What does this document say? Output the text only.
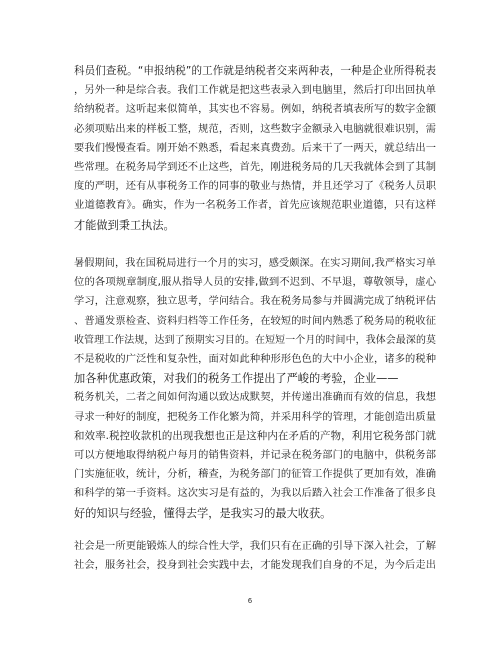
科员们查税。“申报纳税”的工作就是纳税者交来两种表，一种是企业所得税表
，另外一种是综合表。我们工作就是把这些表录入到电脑里，然后打印出回执单
给纳税者。这听起来似简单，其实也不容易。例如，纳税者填表所写的数字金额
必须项贴出来的样板工整，规范，否则，这些数字金额录入电脑就很难识别，需
要我们慢慢查看。刚开始不熟悉，看起来真费劲。后来干了一两天，就总结出一
些常理。在税务局学到还不止这些，首先，刚进税务局的几天我就体会到了其制
度的严明，还有从事税务工作的同事的敬业与热情，并且还学习了《税务人员职
业道德教育》。确实，作为一名税务工作者，首先应该规范职业道德，只有这样
才能做到秉工执法。
暑假期间，我在国税局进行一个月的实习，感受颇深。在实习期间,我严格实习单
位的各项规章制度,服从指导人员的安排,做到不迟到、不早退，尊敬领导，虚心
学习，注意观察，独立思考，学问结合。我在税务局参与并圆满完成了纳税评估
、普通发票检查、资料归档等工作任务，在较短的时间内熟悉了税务局的税收征
收管理工作法规，达到了预期实习目的。在短短一个月的时间中，我体会最深的莫
不是税收的广泛性和复杂性，面对如此种种形形色色的大中小企业，诸多的税种
加各种优惠政策，对我们的税务工作提出了严峻的考验，企业——
税务机关，二者之间如何沟通以致达成默契，并传递出准确而有效的信息，我想
寻求一种好的制度，把税务工作化繁为简，并采用科学的管理，才能创造出质量
和效率.税控收款机的出现我想也正是这种内在矛盾的产物，利用它税务部门就
可以方便地取得纳税户每月的销售资料，并记录在税务部门的电脑中，供税务部
门实施征收，统计，分析，稽查，为税务部门的征管工作提供了更加有效，准确
和科学的第一手资料。这次实习是有益的，为我以后踏入社会工作准备了很多良
好的知识与经验，懂得去学，是我实习的最大收获。
社会是一所更能锻炼人的综合性大学，我们只有在正确的引导下深入社会，了解
社会，服务社会，投身到社会实践中去，才能发现我们自身的不足，为今后走出
6
